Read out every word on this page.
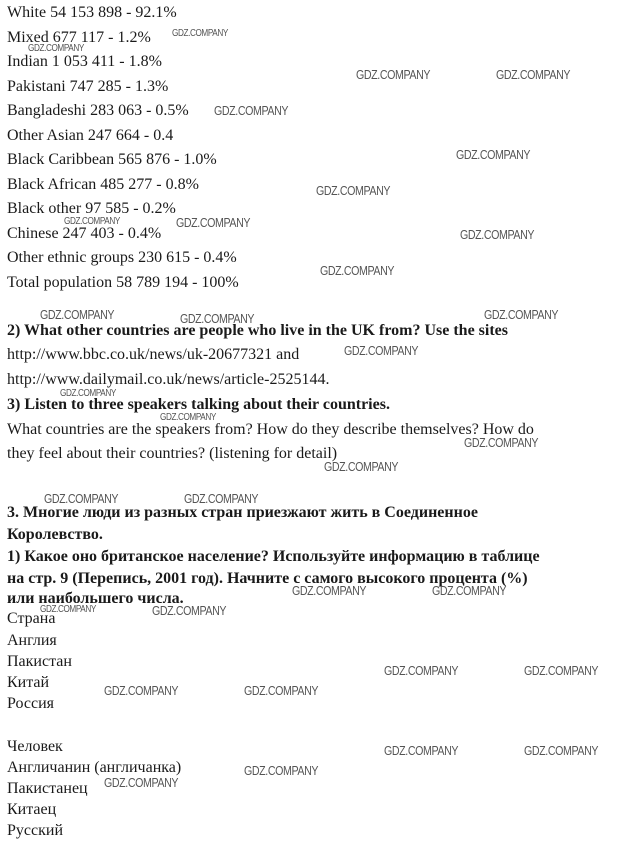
White 54 153 898 - 92.1%
Mixed 677 117 - 1.2%
Indian 1 053 411 - 1.8%
Pakistani 747 285 - 1.3%
Bangladeshi 283 063 - 0.5%
Other Asian 247 664 - 0.4
Black Caribbean 565 876 - 1.0%
Black African 485 277 - 0.8%
Black other 97 585 - 0.2%
Chinese 247 403 - 0.4%
Other ethnic groups 230 615 - 0.4%
Total population 58 789 194 - 100%
2) What other countries are people who live in the UK from? Use the sites
http://www.bbc.co.uk/news/uk-20677321 and
http://www.dailymail.co.uk/news/article-2525144.
3) Listen to three speakers talking about their countries.
What countries are the speakers from? How do they describe themselves? How do
they feel about their countries? (listening for detail)
3. Многие люди из разных стран приезжают жить в Соединенное
Королевство.
1) Какое оно британское население? Используйте информацию в таблице
на стр. 9 (Перепись, 2001 год). Начните с самого высокого процента (%)
или наибольшего числа.
Страна
Англия
Пакистан
Китай
Россия
Человек
Англичанин (англичанка)
Пакистанец
Китаец
Русский
GDZ.COMPANY
GDZ.COMPANY
GDZ.COMPANY	GDZ.COMPANY
GDZ.COMPANY
GDZ.COMPANY
GDZ.COMPANY
GDZ.COMPANY	GDZ.COMPANY
GDZ.COMPANY
GDZ.COMPANY
GDZ.COMPANY	GDZ.COMPANY	GDZ.COMPANY
GDZ.COMPANY
GDZ.COMPANY
GDZ.COMPANY
GDZ.COMPANY
GDZ.COMPANY
GDZ.COMPANY	GDZ.COMPANY
GDZ.COMPANY	GDZ.COMPANY
GDZ.COMPANY	GDZ.COMPANY
GDZ.COMPANY	GDZ.COMPANY
GDZ.COMPANY	GDZ.COMPANY
GDZ.COMPANY	GDZ.COMPANY
GDZ.COMPANY
GDZ.COMPANY
